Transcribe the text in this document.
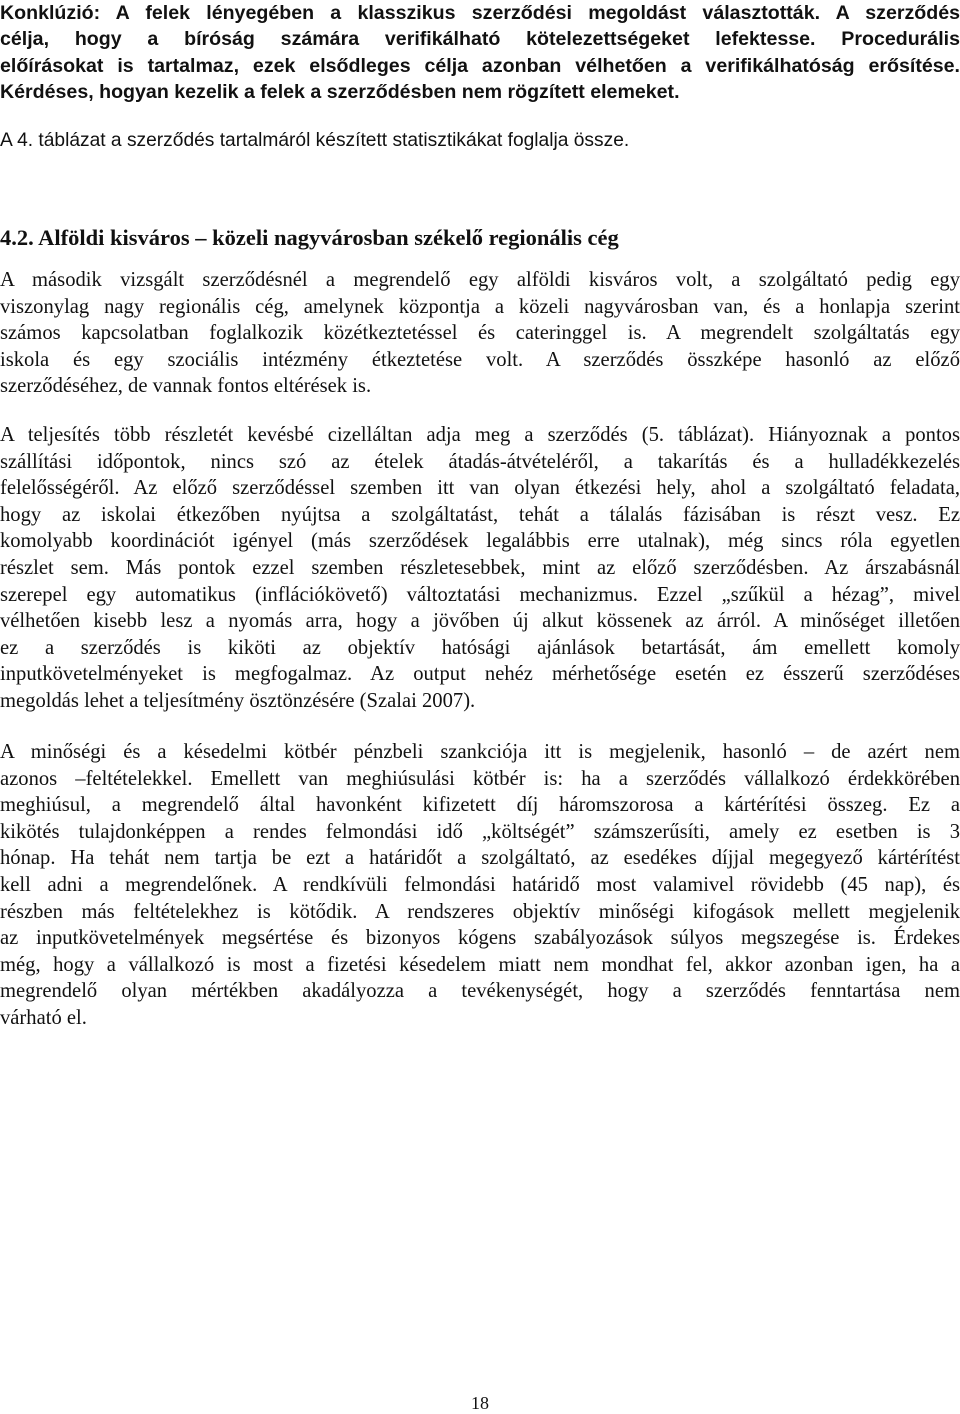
Konklúzió: A felek lényegében a klasszikus szerződési megoldást választották. A szerződés
célja, hogy a bíróság számára verifikálható kötelezettségeket lefektesse. Procedurális
előírásokat is tartalmaz, ezek elsődleges célja azonban vélhetően a verifikálhatóság erősítése.
Kérdéses, hogyan kezelik a felek a szerződésben nem rögzített elemeket.

A 4. táblázat a szerződés tartalmáról készített statisztikákat foglalja össze.

4.2. Alföldi kisváros – közeli nagyvárosban székelő regionális cég
A második vizsgált szerződésnél a megrendelő egy alföldi kisváros volt, a szolgáltató pedig egy
viszonylag nagy regionális cég, amelynek központja a közeli nagyvárosban van, és a honlapja szerint
számos kapcsolatban foglalkozik közétkeztetéssel és cateringgel is. A megrendelt szolgáltatás egy
iskola és egy szociális intézmény étkeztetése volt. A szerződés összképe hasonló az előző
szerződéséhez, de vannak fontos eltérések is.
A teljesítés több részletét kevésbé cizelláltan adja meg a szerződés (5. táblázat). Hiányoznak a pontos
szállítási időpontok, nincs szó az ételek átadás-átvételéről, a takarítás és a hulladékkezelés
felelősségéről. Az előző szerződéssel szemben itt van olyan étkezési hely, ahol a szolgáltató feladata,
hogy az iskolai étkezőben nyújtsa a szolgáltatást, tehát a tálalás fázisában is részt vesz. Ez
komolyabb koordinációt igényel (más szerződések legalábbis erre utalnak), még sincs róla egyetlen
részlet sem. Más pontok ezzel szemben részletesebbek, mint az előző szerződésben. Az árszabásnál
szerepel egy automatikus (inflációkövető) változtatási mechanizmus. Ezzel „szűkül a hézag”, mivel
vélhetően kisebb lesz a nyomás arra, hogy a jövőben új alkut kössenek az árról. A minőséget illetően
ez a szerződés is kiköti az objektív hatósági ajánlások betartását, ám emellett komoly
inputkövetelményeket is megfogalmaz. Az output nehéz mérhetősége esetén ez ésszerű szerződéses
megoldás lehet a teljesítmény ösztönzésére (Szalai 2007).
A minőségi és a késedelmi kötbér pénzbeli szankciója itt is megjelenik, hasonló – de azért nem
azonos –feltételekkel. Emellett van meghiúsulási kötbér is: ha a szerződés vállalkozó érdekkörében
meghiúsul, a megrendelő által havonként kifizetett díj háromszorosa a kártérítési összeg. Ez a
kikötés tulajdonképpen a rendes felmondási idő „költségét” számszerűsíti, amely ez esetben is 3
hónap. Ha tehát nem tartja be ezt a határidőt a szolgáltató, az esedékes díjjal megegyező kártérítést
kell adni a megrendelőnek. A rendkívüli felmondási határidő most valamivel rövidebb (45 nap), és
részben más feltételekhez is kötődik. A rendszeres objektív minőségi kifogások mellett megjelenik
az inputkövetelmények megsértése és bizonyos kógens szabályozások súlyos megszegése is. Érdekes
még, hogy a vállalkozó is most a fizetési késedelem miatt nem mondhat fel, akkor azonban igen, ha a
megrendelő olyan mértékben akadályozza a tevékenységét, hogy a szerződés fenntartása nem
várható el.

18
